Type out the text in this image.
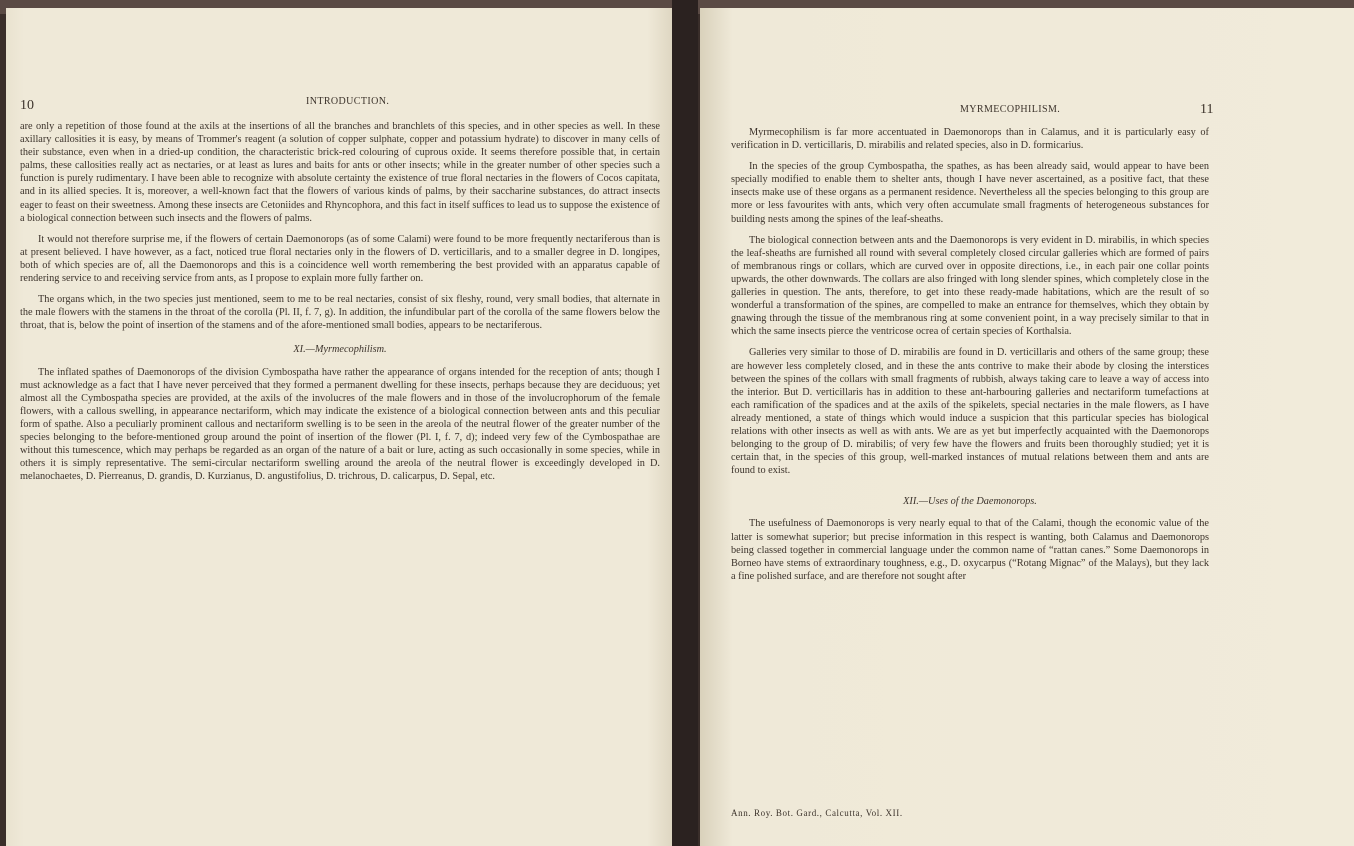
10	INTRODUCTION.

are only a repetition of those found at the axils at the insertions of all the branches and branchlets of this species, and in other species as well. In these axillary callosities it is easy, by means of Trommer's reagent (a solution of copper sulphate, copper and potassium hydrate) to discover in many cells of their substance, even when in a dried-up condition, the characteristic brick-red colouring of cuprous oxide. It seems therefore possible that, in certain palms, these callosities really act as nectaries, or at least as lures and baits for ants or other insects; while in the greater number of other species such a function is purely rudimentary. I have been able to recognize with absolute certainty the existence of true floral nectaries in the flowers of Cocos capitata, and in its allied species. It is, moreover, a well-known fact that the flowers of various kinds of palms, by their saccharine substances, do attract insects eager to feast on their sweetness. Among these insects are Cetoniides and Rhyncophora, and this fact in itself suffices to lead us to suppose the existence of a biological connection between such insects and the flowers of palms.

It would not therefore surprise me, if the flowers of certain Daemonorops (as of some Calami) were found to be more frequently nectariferous than is at present believed. I have however, as a fact, noticed true floral nectaries only in the flowers of D. verticillaris, and to a smaller degree in D. longipes, both of which species are of, all the Daemonorops and this is a coincidence well worth remembering the best provided with an apparatus capable of rendering service to and receiving service from ants, as I propose to explain more fully farther on.

The organs which, in the two species just mentioned, seem to me to be real nectaries, consist of six fleshy, round, very small bodies, that alternate in the male flowers with the stamens in the throat of the corolla (Pl. II, f. 7, g). In addition, the infundibular part of the corolla of the same flowers below the throat, that is, below the point of insertion of the stamens and of the afore-mentioned small bodies, appears to be nectariferous.

XI.—Myrmecophilism.

The inflated spathes of Daemonorops of the division Cymbospatha have rather the appearance of organs intended for the reception of ants; though I must acknowledge as a fact that I have never perceived that they formed a permanent dwelling for these insects, perhaps because they are deciduous; yet almost all the Cymbospatha species are provided, at the axils of the involucres of the male flowers and in those of the involucrophorum of the female flowers, with a callous swelling, in appearance nectariform, which may indicate the existence of a biological connection between ants and this peculiar form of spathe. Also a peculiarly prominent callous and nectariform swelling is to be seen in the areola of the neutral flower of the greater number of the species belonging to the before-mentioned group around the point of insertion of the flower (Pl. I, f. 7, d); indeed very few of the Cymbospathae are without this tumescence, which may perhaps be regarded as an organ of the nature of a bait or lure, acting as such occasionally in some species, while in others it is simply representative. The semi-circular nectariform swelling around the areola of the neutral flower is exceedingly developed in D. melanochaetes, D. Pierreanus, D. grandis, D. Kurzianus, D. angustifolius, D. trichrous, D. calicarpus, D. Sepal, etc.

MYRMECOPHILISM.	11

Myrmecophilism is far more accentuated in Daemonorops than in Calamus, and it is particularly easy of verification in D. verticillaris, D. mirabilis and related species, also in D. formicarius.

In the species of the group Cymbospatha, the spathes, as has been already said, would appear to have been specially modified to enable them to shelter ants, though I have never ascertained, as a positive fact, that these insects make use of these organs as a permanent residence. Nevertheless all the species belonging to this group are more or less favourites with ants, which very often accumulate small fragments of heterogeneous substances for building nests among the spines of the leaf-sheaths.

The biological connection between ants and the Daemonorops is very evident in D. mirabilis, in which species the leaf-sheaths are furnished all round with several completely closed circular galleries which are formed of pairs of membranous rings or collars, which are curved over in opposite directions, i.e., in each pair one collar points upwards, the other downwards. The collars are also fringed with long slender spines, which completely close in the galleries in question. The ants, therefore, to get into these ready-made habitations, which are the result of so wonderful a transformation of the spines, are compelled to make an entrance for themselves, which they obtain by gnawing through the tissue of the membranous ring at some convenient point, in a way precisely similar to that in which the same insects pierce the ventricose ocrea of certain species of Korthalsia.

Galleries very similar to those of D. mirabilis are found in D. verticillaris and others of the same group; these are however less completely closed, and in these the ants contrive to make their abode by closing the interstices between the spines of the collars with small fragments of rubbish, always taking care to leave a way of access into the interior. But D. verticillaris has in addition to these ant-harbouring galleries and nectariform tumefactions at each ramification of the spadices and at the axils of the spikelets, special nectaries in the male flowers, as I have already mentioned, a state of things which would induce a suspicion that this particular species has biological relations with other insects as well as with ants. We are as yet but imperfectly acquainted with the Daemonorops belonging to the group of D. mirabilis; of very few have the flowers and fruits been thoroughly studied; yet it is certain that, in the species of this group, well-marked instances of mutual relations between them and ants are found to exist.

XII.—Uses of the Daemonorops.

The usefulness of Daemonorops is very nearly equal to that of the Calami, though the economic value of the latter is somewhat superior; but precise information in this respect is wanting, both Calamus and Daemonorops being classed together in commercial language under the common name of “rattan canes.” Some Daemonorops in Borneo have stems of extraordinary toughness, e.g., D. oxycarpus (“Rotang Mignac” of the Malays), but they lack a fine polished surface, and are therefore not sought after

Ann. Roy. Bot. Gard., Calcutta, Vol. XII.
